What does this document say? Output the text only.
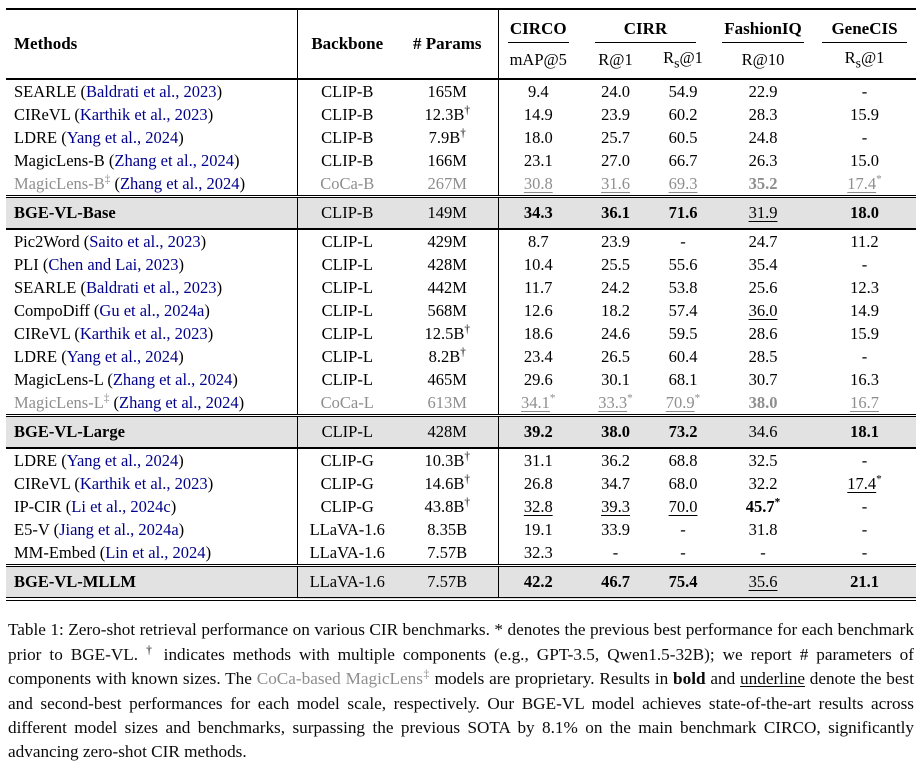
Methods	Backbone	# Params	CIRCO	CIRR		FashionIQ	GeneCIS

			mAP@5	R@1	$R_s@1$	R@10	$R_s@1$
SEARLE (Baldrati et al., 2023)	CLIP-B	165M	9.4	24.0	54.9	22.9	-
CIReVL (Karthik et al., 2023)	CLIP-B	12.3B†	14.9	23.9	60.2	28.3	15.9
LDRE (Yang et al., 2024)	CLIP-B	7.9B†	18.0	25.7	60.5	24.8	-
MagicLens-B (Zhang et al., 2024)	CLIP-B	166M	23.1	27.0	66.7	26.3	15.0
MagicLens-B‡ (Zhang et al., 2024)	CoCa-B	267M	30.8	31.6	69.3	35.2	17.4*
BGE-VL-Base	CLIP-B	149M	34.3	36.1	71.6	31.9	18.0
Pic2Word (Saito et al., 2023)	CLIP-L	429M	8.7	23.9	-	24.7	11.2
PLI (Chen and Lai, 2023)	CLIP-L	428M	10.4	25.5	55.6	35.4	-
SEARLE (Baldrati et al., 2023)	CLIP-L	442M	11.7	24.2	53.8	25.6	12.3
CompoDiff (Gu et al., 2024a)	CLIP-L	568M	12.6	18.2	57.4	36.0	14.9
CIReVL (Karthik et al., 2023)	CLIP-L	12.5B†	18.6	24.6	59.5	28.6	15.9
LDRE (Yang et al., 2024)	CLIP-L	8.2B†	23.4	26.5	60.4	28.5	-
MagicLens-L (Zhang et al., 2024)	CLIP-L	465M	29.6	30.1	68.1	30.7	16.3
MagicLens-L‡ (Zhang et al., 2024)	CoCa-L	613M	34.1*	33.3*	70.9*	38.0	16.7
BGE-VL-Large	CLIP-L	428M	39.2	38.0	73.2	34.6	18.1
LDRE (Yang et al., 2024)	CLIP-G	10.3B†	31.1	36.2	68.8	32.5	-
CIReVL (Karthik et al., 2023)	CLIP-G	14.6B†	26.8	34.7	68.0	32.2	17.4*
IP-CIR (Li et al., 2024c)	CLIP-G	43.8B†	32.8	39.3	70.0	45.7*	-
E5-V (Jiang et al., 2024a)	LLaVA-1.6	8.35B	19.1	33.9	-	31.8	-
MM-Embed (Lin et al., 2024)	LLaVA-1.6	7.57B	32.3	-	-	-	-
BGE-VL-MLLM	LLaVA-1.6	7.57B	42.2	46.7	75.4	35.6	21.1

Table 1: Zero-shot retrieval performance on various CIR benchmarks. * denotes the previous best performance for each benchmark prior to BGE-VL. † indicates methods with multiple components (e.g., GPT-3.5, Qwen1.5-32B); we report # parameters of components with known sizes. The CoCa-based MagicLens‡ models are proprietary. Results in bold and underline denote the best and second-best performances for each model scale, respectively. Our BGE-VL model achieves state-of-the-art results across different model sizes and benchmarks, surpassing the previous SOTA by 8.1% on the main benchmark CIRCO, significantly advancing zero-shot CIR methods.
